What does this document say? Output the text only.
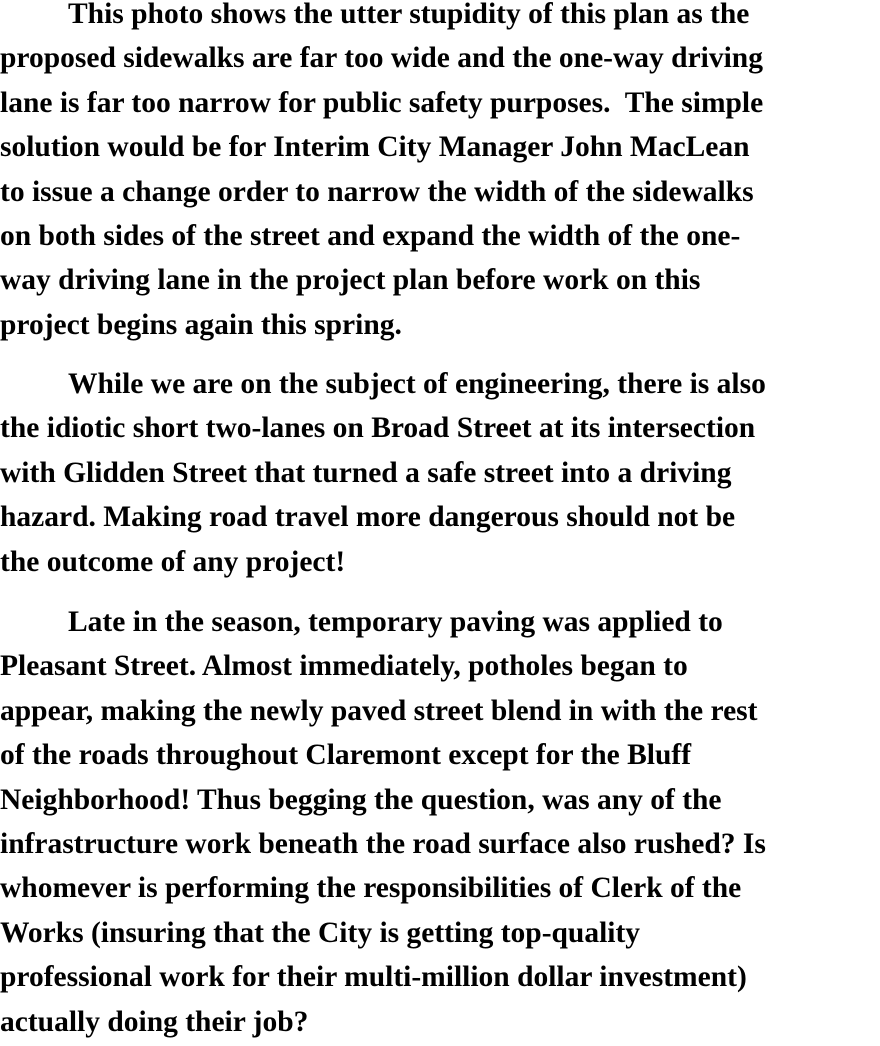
This photo shows the utter stupidity of this plan as the
proposed sidewalks are far too wide and the one-way driving
lane is far too narrow for public safety purposes.  The simple
solution would be for Interim City Manager John MacLean
to issue a change order to narrow the width of the sidewalks
on both sides of the street and expand the width of the one-
way driving lane in the project plan before work on this
project begins again this spring.
While we are on the subject of engineering, there is also
the idiotic short two-lanes on Broad Street at its intersection
with Glidden Street that turned a safe street into a driving
hazard. Making road travel more dangerous should not be
the outcome of any project!
Late in the season, temporary paving was applied to
Pleasant Street. Almost immediately, potholes began to
appear, making the newly paved street blend in with the rest
of the roads throughout Claremont except for the Bluff
Neighborhood! Thus begging the question, was any of the
infrastructure work beneath the road surface also rushed? Is
whomever is performing the responsibilities of Clerk of the
Works (insuring that the City is getting top-quality
professional work for their multi-million dollar investment)
actually doing their job?
